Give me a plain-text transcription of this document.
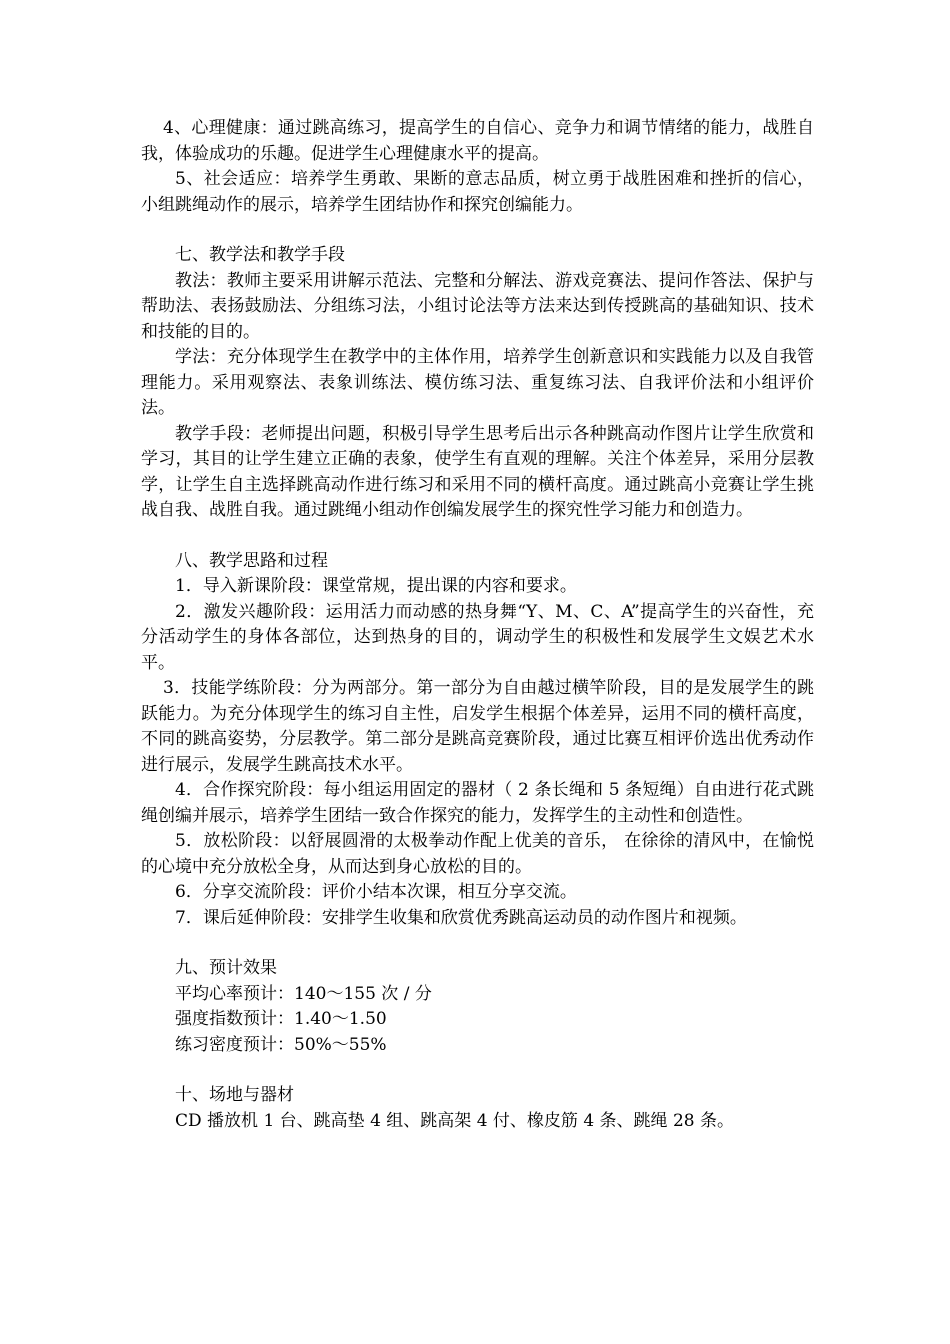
4、心理健康：通过跳高练习，提高学生的自信心、竞争力和调节情绪的能力，战胜自我，体验成功的乐趣。促进学生心理健康水平的提高。

5、社会适应：培养学生勇敢、果断的意志品质，树立勇于战胜困难和挫折的信心，小组跳绳动作的展示，培养学生团结协作和探究创编能力。

七、教学法和教学手段

教法：教师主要采用讲解示范法、完整和分解法、游戏竞赛法、提问作答法、保护与帮助法、表扬鼓励法、分组练习法，小组讨论法等方法来达到传授跳高的基础知识、技术和技能的目的。

学法：充分体现学生在教学中的主体作用，培养学生创新意识和实践能力以及自我管理能力。采用观察法、表象训练法、模仿练习法、重复练习法、自我评价法和小组评价法。

教学手段：老师提出问题，积极引导学生思考后出示各种跳高动作图片让学生欣赏和学习，其目的让学生建立正确的表象，使学生有直观的理解。关注个体差异，采用分层教学，让学生自主选择跳高动作进行练习和采用不同的横杆高度。通过跳高小竞赛让学生挑战自我、战胜自我。通过跳绳小组动作创编发展学生的探究性学习能力和创造力。

八、教学思路和过程

1．导入新课阶段：课堂常规，提出课的内容和要求。

2．激发兴趣阶段：运用活力而动感的热身舞“Y、M、C、A”提高学生的兴奋性，充分活动学生的身体各部位，达到热身的目的，调动学生的积极性和发展学生文娱艺术水平。

3．技能学练阶段：分为两部分。第一部分为自由越过横竿阶段，目的是发展学生的跳跃能力。为充分体现学生的练习自主性，启发学生根据个体差异，运用不同的横杆高度，不同的跳高姿势，分层教学。第二部分是跳高竞赛阶段，通过比赛互相评价选出优秀动作进行展示，发展学生跳高技术水平。

4．合作探究阶段：每小组运用固定的器材（ 2 条长绳和 5 条短绳）自由进行花式跳绳创编并展示，培养学生团结一致合作探究的能力，发挥学生的主动性和创造性。

5．放松阶段：以舒展圆滑的太极拳动作配上优美的音乐， 在徐徐的清风中，在愉悦的心境中充分放松全身，从而达到身心放松的目的。

6．分享交流阶段：评价小结本次课，相互分享交流。

7．课后延伸阶段：安排学生收集和欣赏优秀跳高运动员的动作图片和视频。

九、预计效果

平均心率预计：140～155 次 / 分

强度指数预计：1.40～1.50

练习密度预计：50%～55%

十、场地与器材

CD 播放机 1 台、跳高垫 4 组、跳高架 4 付、橡皮筋 4 条、跳绳 28 条。
